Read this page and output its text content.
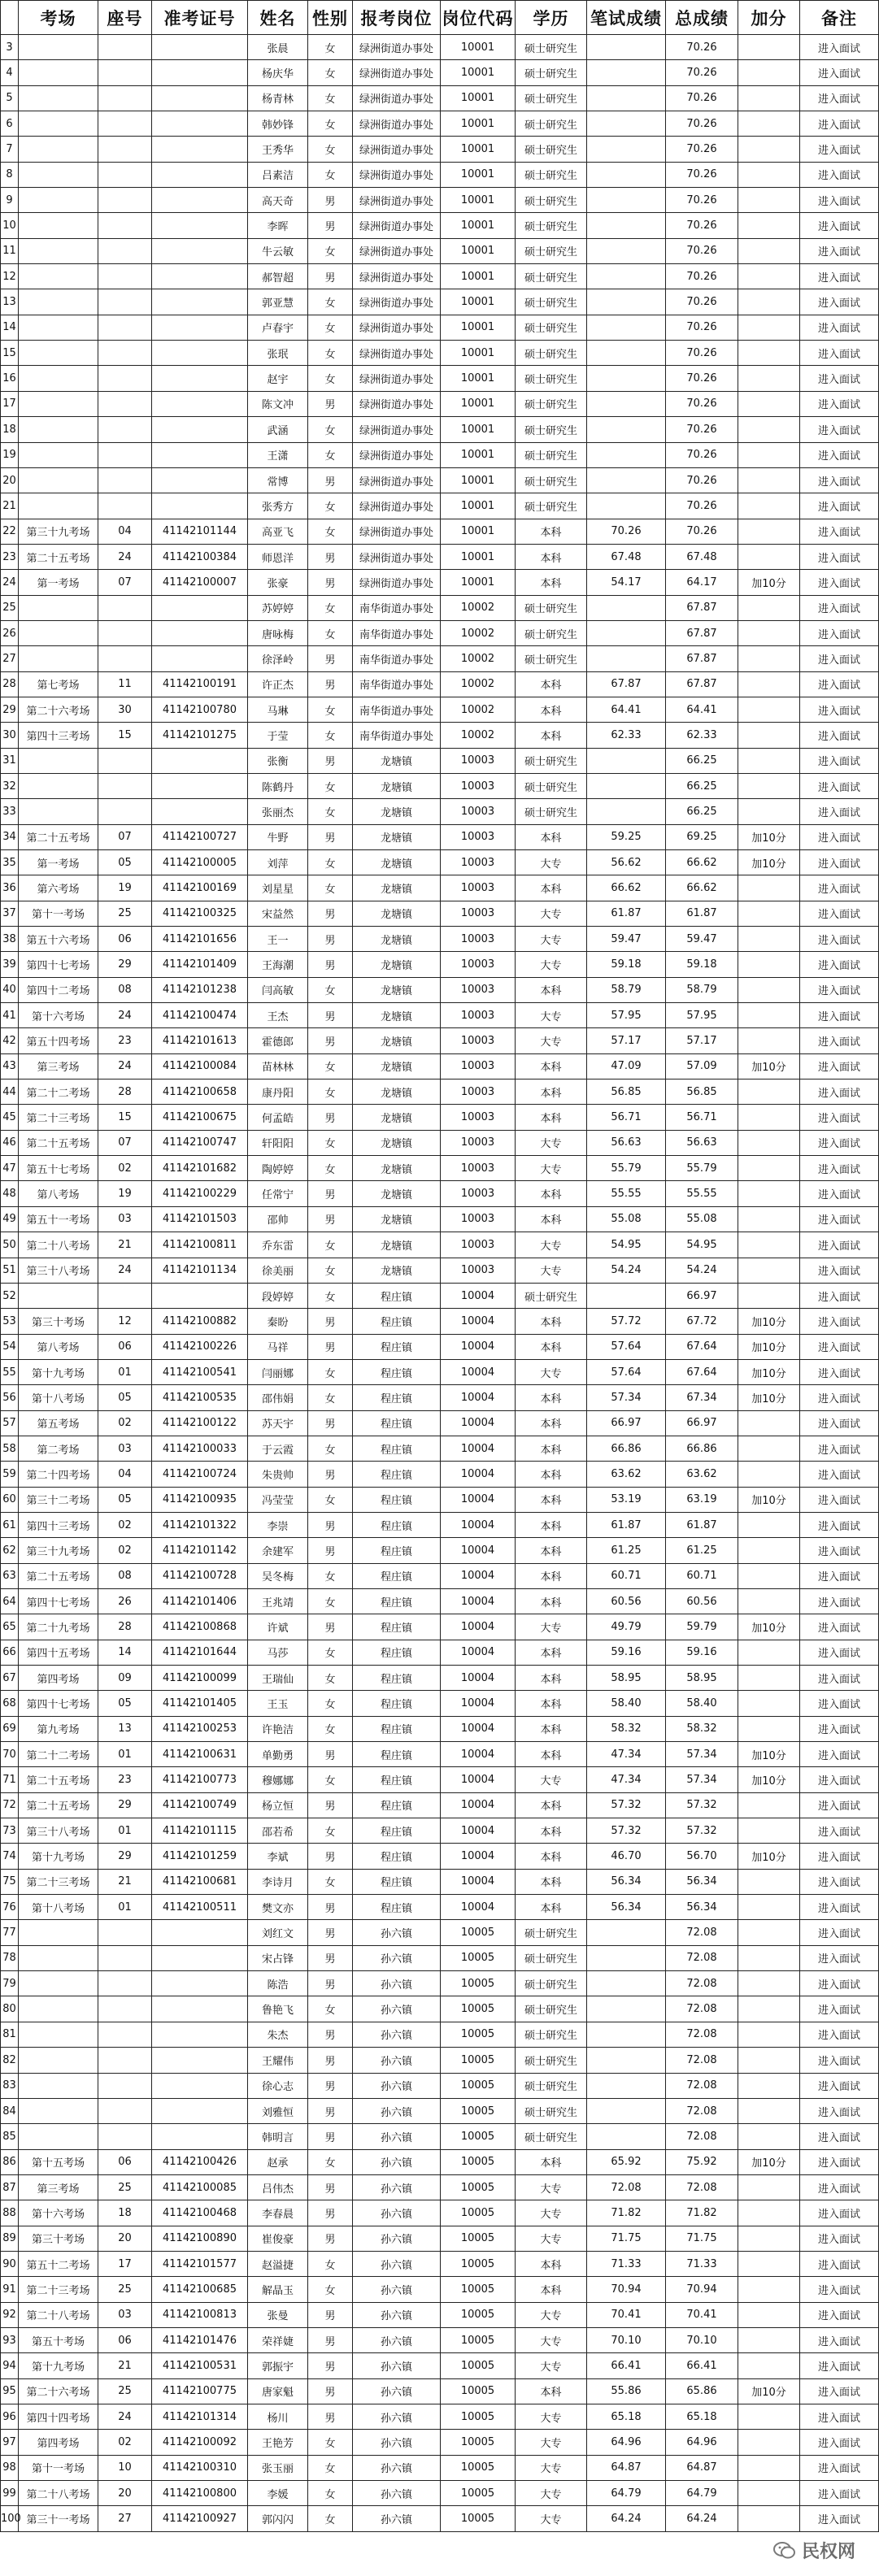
	考场	座号	准考证号	姓名	性别	报考岗位	岗位代码	学历	笔试成绩	总成绩	加分	备注
3				张晨	女	绿洲街道办事处	10001	硕士研究生		70.26		进入面试
4				杨庆华	女	绿洲街道办事处	10001	硕士研究生		70.26		进入面试
5				杨青林	女	绿洲街道办事处	10001	硕士研究生		70.26		进入面试
6				韩妙锋	女	绿洲街道办事处	10001	硕士研究生		70.26		进入面试
7				王秀华	女	绿洲街道办事处	10001	硕士研究生		70.26		进入面试
8				吕素洁	女	绿洲街道办事处	10001	硕士研究生		70.26		进入面试
9				高天奇	男	绿洲街道办事处	10001	硕士研究生		70.26		进入面试
10				李晖	男	绿洲街道办事处	10001	硕士研究生		70.26		进入面试
11				牛云敏	女	绿洲街道办事处	10001	硕士研究生		70.26		进入面试
12				郝智超	男	绿洲街道办事处	10001	硕士研究生		70.26		进入面试
13				郭亚慧	女	绿洲街道办事处	10001	硕士研究生		70.26		进入面试
14				卢春宇	女	绿洲街道办事处	10001	硕士研究生		70.26		进入面试
15				张珉	女	绿洲街道办事处	10001	硕士研究生		70.26		进入面试
16				赵宇	女	绿洲街道办事处	10001	硕士研究生		70.26		进入面试
17				陈文冲	男	绿洲街道办事处	10001	硕士研究生		70.26		进入面试
18				武涵	女	绿洲街道办事处	10001	硕士研究生		70.26		进入面试
19				王潇	女	绿洲街道办事处	10001	硕士研究生		70.26		进入面试
20				常博	男	绿洲街道办事处	10001	硕士研究生		70.26		进入面试
21				张秀方	女	绿洲街道办事处	10001	硕士研究生		70.26		进入面试
22	第三十九考场	04	41142101144	高亚飞	女	绿洲街道办事处	10001	本科	70.26	70.26		进入面试
23	第二十五考场	24	41142100384	师恩洋	男	绿洲街道办事处	10001	本科	67.48	67.48		进入面试
24	第一考场	07	41142100007	张豪	男	绿洲街道办事处	10001	本科	54.17	64.17	加10分	进入面试
25				苏婷婷	女	南华街道办事处	10002	硕士研究生		67.87		进入面试
26				唐咏梅	女	南华街道办事处	10002	硕士研究生		67.87		进入面试
27				徐泽岭	男	南华街道办事处	10002	硕士研究生		67.87		进入面试
28	第七考场	11	41142100191	许正杰	男	南华街道办事处	10002	本科	67.87	67.87		进入面试
29	第二十六考场	30	41142100780	马琳	女	南华街道办事处	10002	本科	64.41	64.41		进入面试
30	第四十三考场	15	41142101275	于莹	女	南华街道办事处	10002	本科	62.33	62.33		进入面试
31				张衡	男	龙塘镇	10003	硕士研究生		66.25		进入面试
32				陈鹤丹	女	龙塘镇	10003	硕士研究生		66.25		进入面试
33				张丽杰	女	龙塘镇	10003	硕士研究生		66.25		进入面试
34	第二十五考场	07	41142100727	牛野	男	龙塘镇	10003	本科	59.25	69.25	加10分	进入面试
35	第一考场	05	41142100005	刘萍	女	龙塘镇	10003	大专	56.62	66.62	加10分	进入面试
36	第六考场	19	41142100169	刘星星	女	龙塘镇	10003	本科	66.62	66.62		进入面试
37	第十一考场	25	41142100325	宋益然	男	龙塘镇	10003	大专	61.87	61.87		进入面试
38	第五十六考场	06	41142101656	王一	男	龙塘镇	10003	大专	59.47	59.47		进入面试
39	第四十七考场	29	41142101409	王海潮	男	龙塘镇	10003	大专	59.18	59.18		进入面试
40	第四十二考场	08	41142101238	闫高敏	女	龙塘镇	10003	本科	58.79	58.79		进入面试
41	第十六考场	24	41142100474	王杰	男	龙塘镇	10003	大专	57.95	57.95		进入面试
42	第五十四考场	23	41142101613	霍德郎	男	龙塘镇	10003	大专	57.17	57.17		进入面试
43	第三考场	24	41142100084	苗林林	女	龙塘镇	10003	本科	47.09	57.09	加10分	进入面试
44	第二十二考场	28	41142100658	康丹阳	女	龙塘镇	10003	本科	56.85	56.85		进入面试
45	第二十三考场	15	41142100675	何孟皓	男	龙塘镇	10003	本科	56.71	56.71		进入面试
46	第二十五考场	07	41142100747	轩阳阳	女	龙塘镇	10003	大专	56.63	56.63		进入面试
47	第五十七考场	02	41142101682	陶婷婷	女	龙塘镇	10003	大专	55.79	55.79		进入面试
48	第八考场	19	41142100229	任常宁	男	龙塘镇	10003	本科	55.55	55.55		进入面试
49	第五十一考场	03	41142101503	邵帅	男	龙塘镇	10003	本科	55.08	55.08		进入面试
50	第二十八考场	21	41142100811	乔东雷	女	龙塘镇	10003	大专	54.95	54.95		进入面试
51	第三十八考场	24	41142101134	徐美丽	女	龙塘镇	10003	大专	54.24	54.24		进入面试
52				段婷婷	女	程庄镇	10004	硕士研究生		66.97		进入面试
53	第三十考场	12	41142100882	秦盼	男	程庄镇	10004	本科	57.72	67.72	加10分	进入面试
54	第八考场	06	41142100226	马祥	男	程庄镇	10004	本科	57.64	67.64	加10分	进入面试
55	第十九考场	01	41142100541	闫丽娜	女	程庄镇	10004	大专	57.64	67.64	加10分	进入面试
56	第十八考场	05	41142100535	邵伟娟	女	程庄镇	10004	本科	57.34	67.34	加10分	进入面试
57	第五考场	02	41142100122	苏天宇	男	程庄镇	10004	本科	66.97	66.97		进入面试
58	第二考场	03	41142100033	于云霞	女	程庄镇	10004	本科	66.86	66.86		进入面试
59	第二十四考场	04	41142100724	朱贵帅	男	程庄镇	10004	本科	63.62	63.62		进入面试
60	第三十二考场	05	41142100935	冯莹莹	女	程庄镇	10004	本科	53.19	63.19	加10分	进入面试
61	第四十三考场	02	41142101322	李崇	男	程庄镇	10004	本科	61.87	61.87		进入面试
62	第三十九考场	02	41142101142	余建军	男	程庄镇	10004	本科	61.25	61.25		进入面试
63	第二十五考场	08	41142100728	吴冬梅	女	程庄镇	10004	本科	60.71	60.71		进入面试
64	第四十七考场	26	41142101406	王兆靖	女	程庄镇	10004	本科	60.56	60.56		进入面试
65	第二十九考场	28	41142100868	许斌	男	程庄镇	10004	大专	49.79	59.79	加10分	进入面试
66	第四十五考场	14	41142101644	马莎	女	程庄镇	10004	本科	59.16	59.16		进入面试
67	第四考场	09	41142100099	王瑞仙	女	程庄镇	10004	本科	58.95	58.95		进入面试
68	第四十七考场	05	41142101405	王玉	女	程庄镇	10004	本科	58.40	58.40		进入面试
69	第九考场	13	41142100253	许艳洁	女	程庄镇	10004	本科	58.32	58.32		进入面试
70	第二十二考场	01	41142100631	单勤勇	男	程庄镇	10004	本科	47.34	57.34	加10分	进入面试
71	第二十五考场	23	41142100773	穆娜娜	女	程庄镇	10004	大专	47.34	57.34	加10分	进入面试
72	第二十五考场	29	41142100749	杨立恒	男	程庄镇	10004	本科	57.32	57.32		进入面试
73	第三十八考场	01	41142101115	邵若希	女	程庄镇	10004	本科	57.32	57.32		进入面试
74	第十九考场	29	41142101259	李斌	男	程庄镇	10004	本科	46.70	56.70	加10分	进入面试
75	第二十三考场	21	41142100681	李诗月	女	程庄镇	10004	本科	56.34	56.34		进入面试
76	第十八考场	01	41142100511	樊文亦	男	程庄镇	10004	本科	56.34	56.34		进入面试
77				刘红文	男	孙六镇	10005	硕士研究生		72.08		进入面试
78				宋占锋	男	孙六镇	10005	硕士研究生		72.08		进入面试
79				陈浩	男	孙六镇	10005	硕士研究生		72.08		进入面试
80				鲁艳飞	女	孙六镇	10005	硕士研究生		72.08		进入面试
81				朱杰	男	孙六镇	10005	硕士研究生		72.08		进入面试
82				王耀伟	男	孙六镇	10005	硕士研究生		72.08		进入面试
83				徐心志	男	孙六镇	10005	硕士研究生		72.08		进入面试
84				刘雅恒	男	孙六镇	10005	硕士研究生		72.08		进入面试
85				韩明言	男	孙六镇	10005	硕士研究生		72.08		进入面试
86	第十五考场	06	41142100426	赵承	女	孙六镇	10005	本科	65.92	75.92	加10分	进入面试
87	第三考场	25	41142100085	吕伟杰	男	孙六镇	10005	大专	72.08	72.08		进入面试
88	第十六考场	18	41142100468	李春晨	男	孙六镇	10005	大专	71.82	71.82		进入面试
89	第三十考场	20	41142100890	崔俊豪	男	孙六镇	10005	大专	71.75	71.75		进入面试
90	第五十二考场	17	41142101577	赵溢捷	女	孙六镇	10005	本科	71.33	71.33		进入面试
91	第二十三考场	25	41142100685	解晶玉	女	孙六镇	10005	本科	70.94	70.94		进入面试
92	第二十八考场	03	41142100813	张曼	男	孙六镇	10005	大专	70.41	70.41		进入面试
93	第五十考场	06	41142101476	荣祥婕	男	孙六镇	10005	大专	70.10	70.10		进入面试
94	第十九考场	21	41142100531	郭振宇	男	孙六镇	10005	大专	66.41	66.41		进入面试
95	第二十六考场	25	41142100775	唐家魁	男	孙六镇	10005	本科	55.86	65.86	加10分	进入面试
96	第四十四考场	24	41142101314	杨川	男	孙六镇	10005	大专	65.18	65.18		进入面试
97	第四考场	02	41142100092	王艳芳	女	孙六镇	10005	大专	64.96	64.96		进入面试
98	第十一考场	10	41142100310	张玉丽	女	孙六镇	10005	大专	64.87	64.87		进入面试
99	第二十八考场	20	41142100800	李媛	女	孙六镇	10005	大专	64.79	64.79		进入面试
100	第三十一考场	27	41142100927	郭闪闪	女	孙六镇	10005	大专	64.24	64.24		进入面试
民权网
